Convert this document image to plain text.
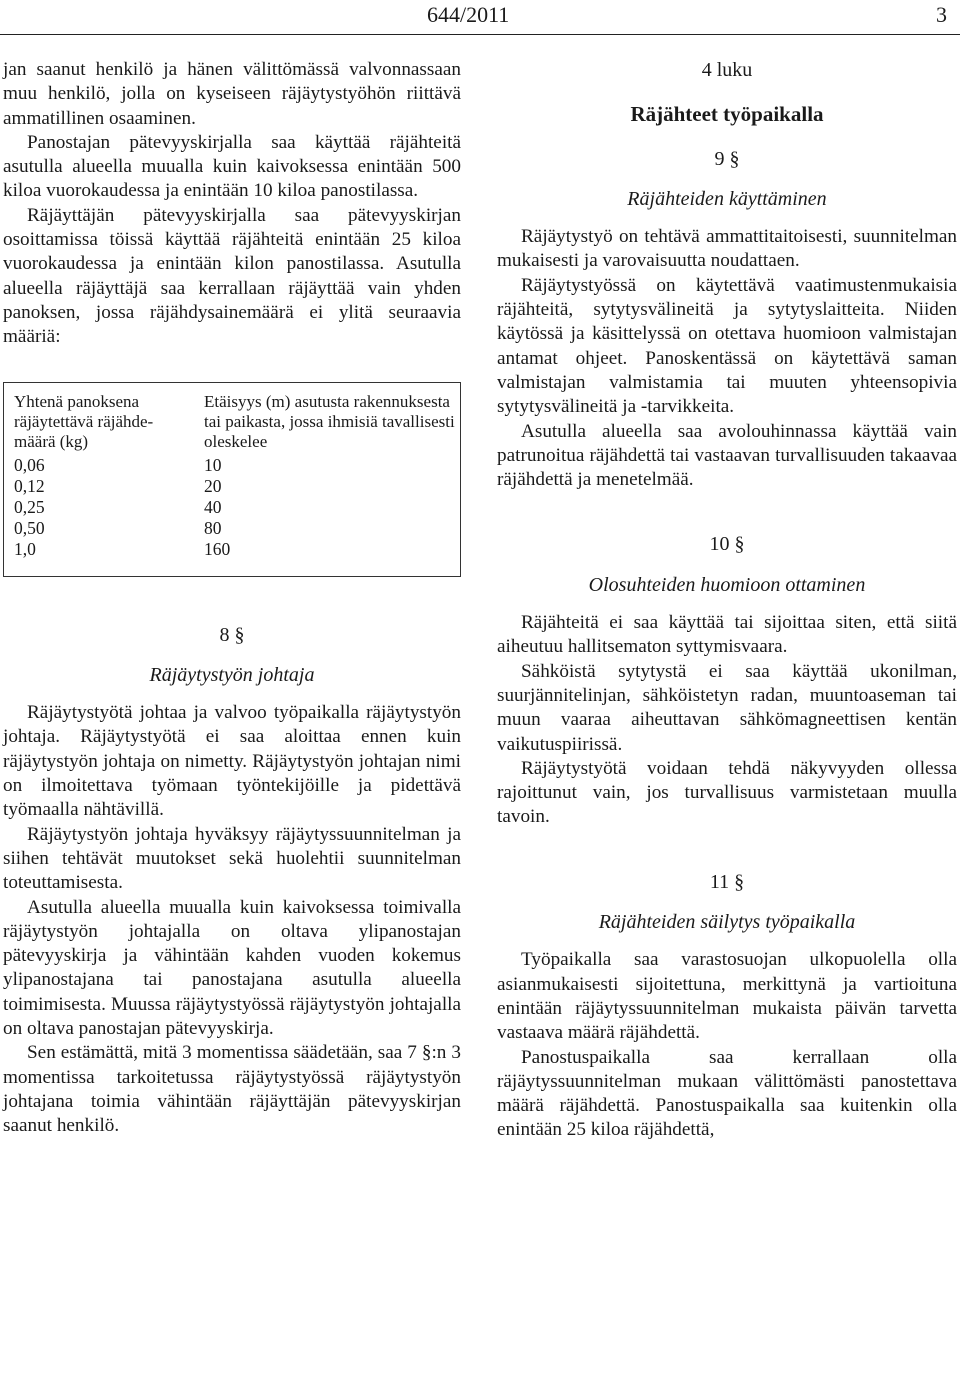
644/2011	3

jan saanut henkilö ja hänen välittömässä valvonnassaan muu henkilö, jolla on kyseiseen räjäytystyöhön riittävä ammatillinen osaaminen.

Panostajan pätevyyskirjalla saa käyttää räjähteitä asutulla alueella muualla kuin kaivoksessa enintään 500 kiloa vuorokaudessa ja enintään 10 kiloa panostilassa.

Räjäyttäjän pätevyyskirjalla saa pätevyyskirjan osoittamissa töissä käyttää räjähteitä enintään 25 kiloa vuorokaudessa ja enintään kilon panostilassa. Asutulla alueella räjäyttäjä saa kerrallaan räjäyttää vain yhden panoksen, jossa räjähdysainemäärä ei ylitä seuraavia määriä:

Yhtenä panoksena räjäytettävä räjähde-määrä (kg)	Etäisyys (m) asutusta rakennuksesta tai paikasta, jossa ihmisiä tavallisesti oleskelee
0,06	10
0,12	20
0,25	40
0,50	80
1,0	160
8 §
Räjäytystyön johtaja

Räjäytystyötä johtaa ja valvoo työpaikalla räjäytystyön johtaja. Räjäytystyötä ei saa aloittaa ennen kuin räjäytystyön johtaja on nimetty. Räjäytystyön johtajan nimi on ilmoitettava työmaan työntekijöille ja pidettävä työmaalla nähtävillä.

Räjäytystyön johtaja hyväksyy räjäytyssuunnitelman ja siihen tehtävät muutokset sekä huolehtii suunnitelman toteuttamisesta.

Asutulla alueella muualla kuin kaivoksessa toimivalla räjäytystyön johtajalla on oltava ylipanostajan pätevyyskirja ja vähintään kahden vuoden kokemus ylipanostajana tai panostajana asutulla alueella toimimisesta. Muussa räjäytystyössä räjäytystyön johtajalla on oltava panostajan pätevyyskirja.

Sen estämättä, mitä 3 momentissa säädetään, saa 7 §:n 3 momentissa tarkoitetussa räjäytystyössä räjäytystyön johtajana toimia vähintään räjäyttäjän pätevyyskirjan saanut henkilö.

4 luku
Räjähteet työpaikalla
9 §
Räjähteiden käyttäminen

Räjäytystyö on tehtävä ammattitaitoisesti, suunnitelman mukaisesti ja varovaisuutta noudattaen.

Räjäytystyössä on käytettävä vaatimustenmukaisia räjähteitä, sytytysvälineitä ja sytytyslaitteita. Niiden käytössä ja käsittelyssä on otettava huomioon valmistajan antamat ohjeet. Panoskentässä on käytettävä saman valmistajan valmistamia tai muuten yhteensopivia sytytysvälineitä ja -tarvikkeita.

Asutulla alueella saa avolouhinnassa käyttää vain patrunoitua räjähdettä tai vastaavan turvallisuuden takaavaa räjähdettä ja menetelmää.

10 §
Olosuhteiden huomioon ottaminen

Räjähteitä ei saa käyttää tai sijoittaa siten, että siitä aiheutuu hallitsematon syttymisvaara.

Sähköistä sytytystä ei saa käyttää ukonilman, suurjännitelinjan, sähköistetyn radan, muuntoaseman tai muun vaaraa aiheuttavan sähkömagneettisen kentän vaikutuspiirissä.

Räjäytystyötä voidaan tehdä näkyvyyden ollessa rajoittunut vain, jos turvallisuus varmistetaan muulla tavoin.

11 §
Räjähteiden säilytys työpaikalla

Työpaikalla saa varastosuojan ulkopuolella olla asianmukaisesti sijoitettuna, merkittynä ja vartioituna enintään räjäytyssuunnitelman mukaista päivän tarvetta vastaava määrä räjähdettä.

Panostuspaikalla saa kerrallaan olla räjäytyssuunnitelman mukaan välittömästi panostettava määrä räjähdettä. Panostuspaikalla saa kuitenkin olla enintään 25 kiloa räjähdettä,
